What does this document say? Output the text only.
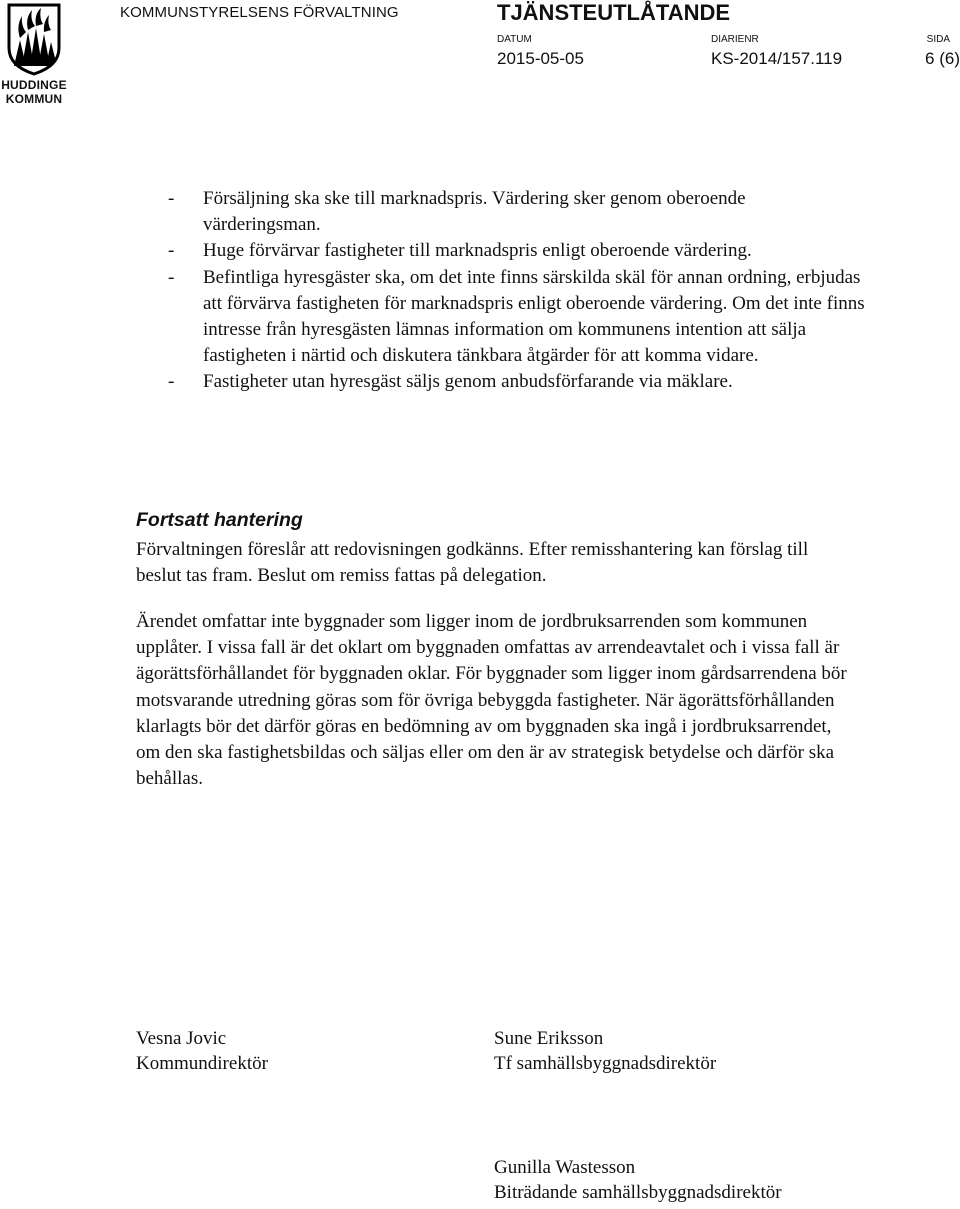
HUDDINGE
KOMMUN
KOMMUNSTYRELSENS FÖRVALTNING	TJÄNSTEUTLÅTANDE
DATUM	DIARIENR	SIDA
2015-05-05	KS-2014/157.119	6 (6)
- Försäljning ska ske till marknadspris. Värdering sker genom oberoende värderingsman.
- Huge förvärvar fastigheter till marknadspris enligt oberoende värdering.
- Befintliga hyresgäster ska, om det inte finns särskilda skäl för annan ordning, erbjudas att förvärva fastigheten för marknadspris enligt oberoende värdering. Om det inte finns intresse från hyresgästen lämnas information om kommunens intention att sälja fastigheten i närtid och diskutera tänkbara åtgärder för att komma vidare.
- Fastigheter utan hyresgäst säljs genom anbudsförfarande via mäklare.
Fortsatt hantering

Förvaltningen föreslår att redovisningen godkänns. Efter remisshantering kan förslag till beslut tas fram. Beslut om remiss fattas på delegation.

Ärendet omfattar inte byggnader som ligger inom de jordbruksarrenden som kommunen upplåter. I vissa fall är det oklart om byggnaden omfattas av arrendeavtalet och i vissa fall är ägorättsförhållandet för byggnaden oklar. För byggnader som ligger inom gårdsarrendena bör motsvarande utredning göras som för övriga bebyggda fastigheter. När ägorättsförhållanden klarlagts bör det därför göras en bedömning av om byggnaden ska ingå i jordbruksarrendet, om den ska fastighetsbildas och säljas eller om den är av strategisk betydelse och därför ska behållas.

Vesna Jovic
Kommundirektör
Sune Eriksson
Tf samhällsbyggnadsdirektör
Gunilla Wastesson
Biträdande samhällsbyggnadsdirektör
